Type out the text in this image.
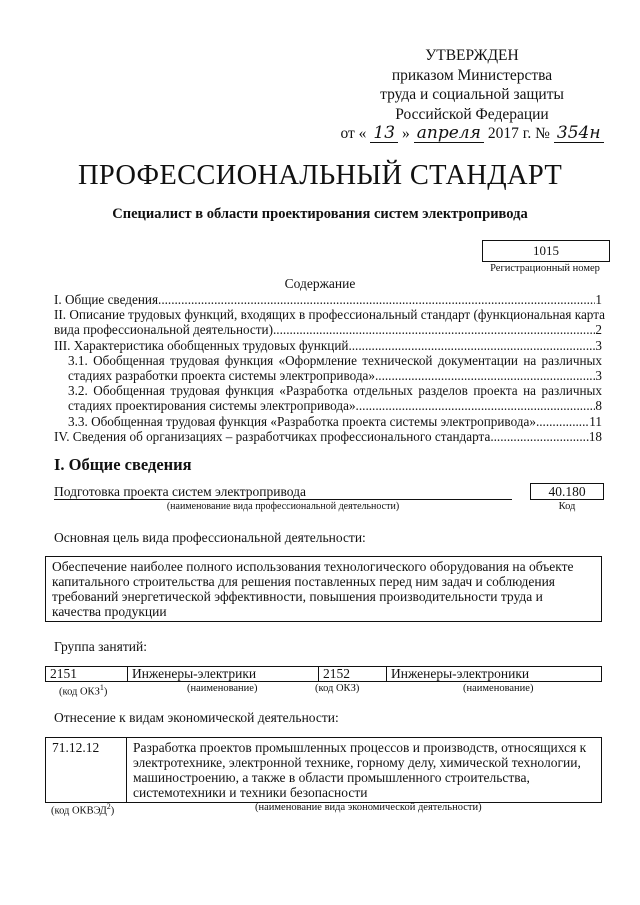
УТВЕРЖДЕН
приказом Министерства
труда и социальной защиты
Российской Федерации
от « 13 » апреля 2017 г. № 354н
ПРОФЕССИОНАЛЬНЫЙ СТАНДАРТ
Специалист в области проектирования систем электропривода
1015
Регистрационный номер
Содержание
I. Общие сведения .....	1
II. Описание трудовых функций, входящих в профессиональный стандарт (функциональная карта
вида профессиональной деятельности) .....	2
III. Характеристика обобщенных трудовых функций .....	3
3.1. Обобщенная трудовая функция «Оформление технической документации на различных
стадиях разработки проекта системы электропривода» .....	3
3.2. Обобщенная трудовая функция «Разработка отдельных разделов проекта на различных
стадиях проектирования системы электропривода» .....	8
3.3. Обобщенная трудовая функция «Разработка проекта системы электропривода» .....	11
IV. Сведения об организациях – разработчиках профессионального стандарта .....	18
I. Общие сведения
Подготовка проекта систем электропривода
(наименование вида профессиональной деятельности)
40.180
Код
Основная цель вида профессиональной деятельности:
Обеспечение наиболее полного использования технологического оборудования на объекте капитального строительства для решения поставленных перед ним задач и соблюдения требований энергетической эффективности, повышения производительности труда и качества продукции
Группа занятий:
2151	Инженеры-электрики	2152	Инженеры-электроники
(код ОКЗ$^1$)	(наименование)	(код ОКЗ)	(наименование)
Отнесение к видам экономической деятельности:
71.12.12	Разработка проектов промышленных процессов и производств, относящихся к электротехнике, электронной технике, горному делу, химической технологии, машиностроению, а также в области промышленного строительства, системотехники и техники безопасности
(код ОКВЭД$^2$)	(наименование вида экономической деятельности)
